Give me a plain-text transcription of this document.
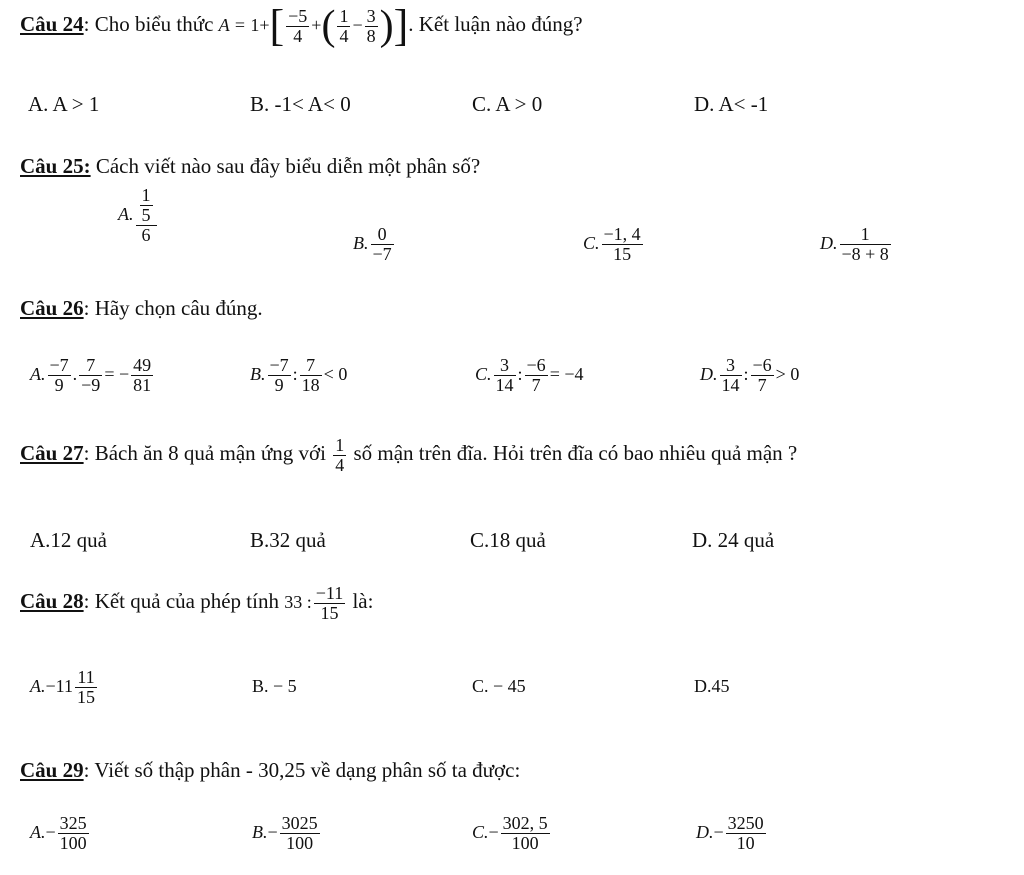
Câu 24: Cho biểu thức $A = 1+[ \frac{-5}{4}$ +( $\frac{1}{4} - \frac{3}{8}$ )]. Kết luận nào đúng?
A. A > 1	B. -1< A< 0	C. A > 0	D. A< -1
Câu 25: Cách viết nào sau đây biểu diễn một phân số?
A. $\frac{\frac{1}{5}}{6}$	B. $\frac{0}{-7}$	C. $\frac{-1, 4}{15}$	D. $\frac{1}{-8 + 8}$
Câu 26: Hãy chọn câu đúng.
A. $\frac{-7}{9}$ . $\frac{7}{-9}$ = − $\frac{49}{81}$	B. $\frac{-7}{9}$ : $\frac{7}{18} < 0$	C. $\frac{3}{14}$ : $\frac{-6}{7} = -4$	D. $\frac{3}{14}$ : $\frac{-6}{7} > 0$
Câu 27: Bách ăn 8 quả mận ứng với $\frac{1}{4}$ số mận trên đĩa. Hỏi trên đĩa có bao nhiêu quả mận ?
A.12 quả	B.32 quả	C.18 quả	D. 24 quả
Câu 28: Kết quả của phép tính 33 : $\frac{-11}{15}$ là:
$A.-11 \frac{11}{15}$	B. − 5	C. − 45	D.45
Câu 29: Viết số thập phân - 30,25 về dạng phân số ta được:
$A.- \frac{325}{100}$	$B.- \frac{3025}{100}$	$C.- \frac{302, 5}{100}$	$D.- \frac{3250}{10}$
